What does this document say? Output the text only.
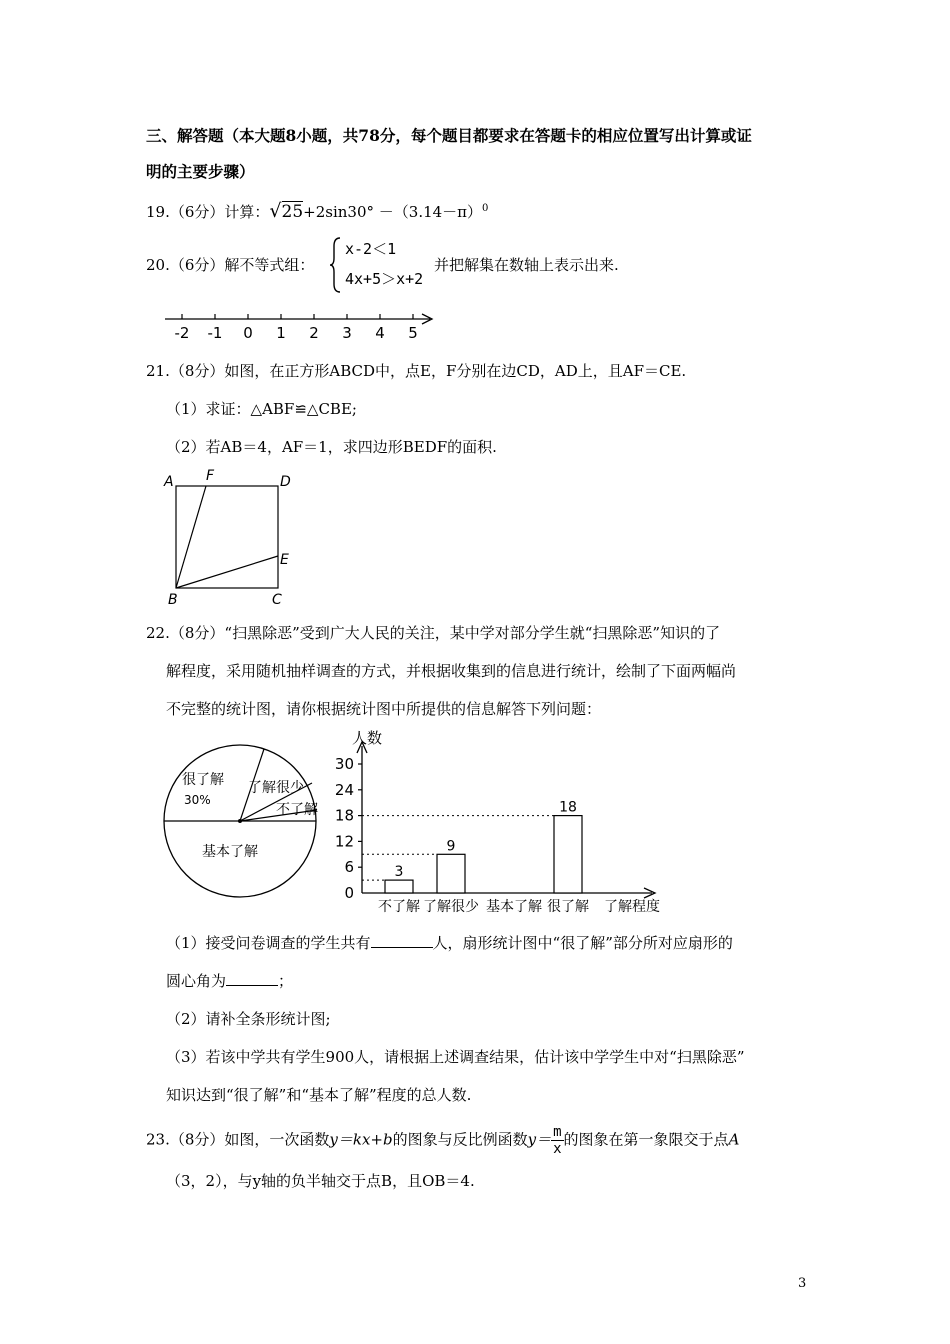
三、解答题（本大题8小题，共78分，每个题目都要求在答题卡的相应位置写出计算或证
明的主要步骤）
19.（6分）计算：$√25+2\sin 30^\circ -(3.14-\pi)^0$
20.（6分）解不等式组：
x-2＜1
4x+5＞x+2
并把解集在数轴上表示出来.
-2 -1 0 1 2 3 4 5
21.（8分）如图，在正方形ABCD中，点E，F分别在边CD，AD上，且AF＝CE.
（1）求证：△ABF≌△CBE;
（2）若AB＝4，AF＝1，求四边形BEDF的面积.
A F	D
E
B	C
22.（8分）“扫黑除恶”受到广大人民的关注，某中学对部分学生就“扫黑除恶”知识的了
解程度，采用随机抽样调查的方式，并根据收集到的信息进行统计，绘制了下面两幅尚
不完整的统计图，请你根据统计图中所提供的信息解答下列问题：
很了解
30%
了解很少
不了解
基本了解
人数
了解程度
0
6
12
18
24
30
3
不了解
9
了解很少 基本了解
18
很了解
（1）接受问卷调查的学生共有	人，扇形统计图中“很了解”部分所对应扇形的
圆心角为	；
（2）请补全条形统计图;
（3）若该中学共有学生900人，请根据上述调查结果，估计该中学学生中对“扫黑除恶”
知识达到“很了解”和“基本了解”程度的总人数.
23.（8分）如图，一次函数y＝kx+b的图象与反比例函数$y= \frac{m}{x}$ 的图象在第一象限交于点A
（3，2），与y轴的负半轴交于点B，且OB＝4.
3
